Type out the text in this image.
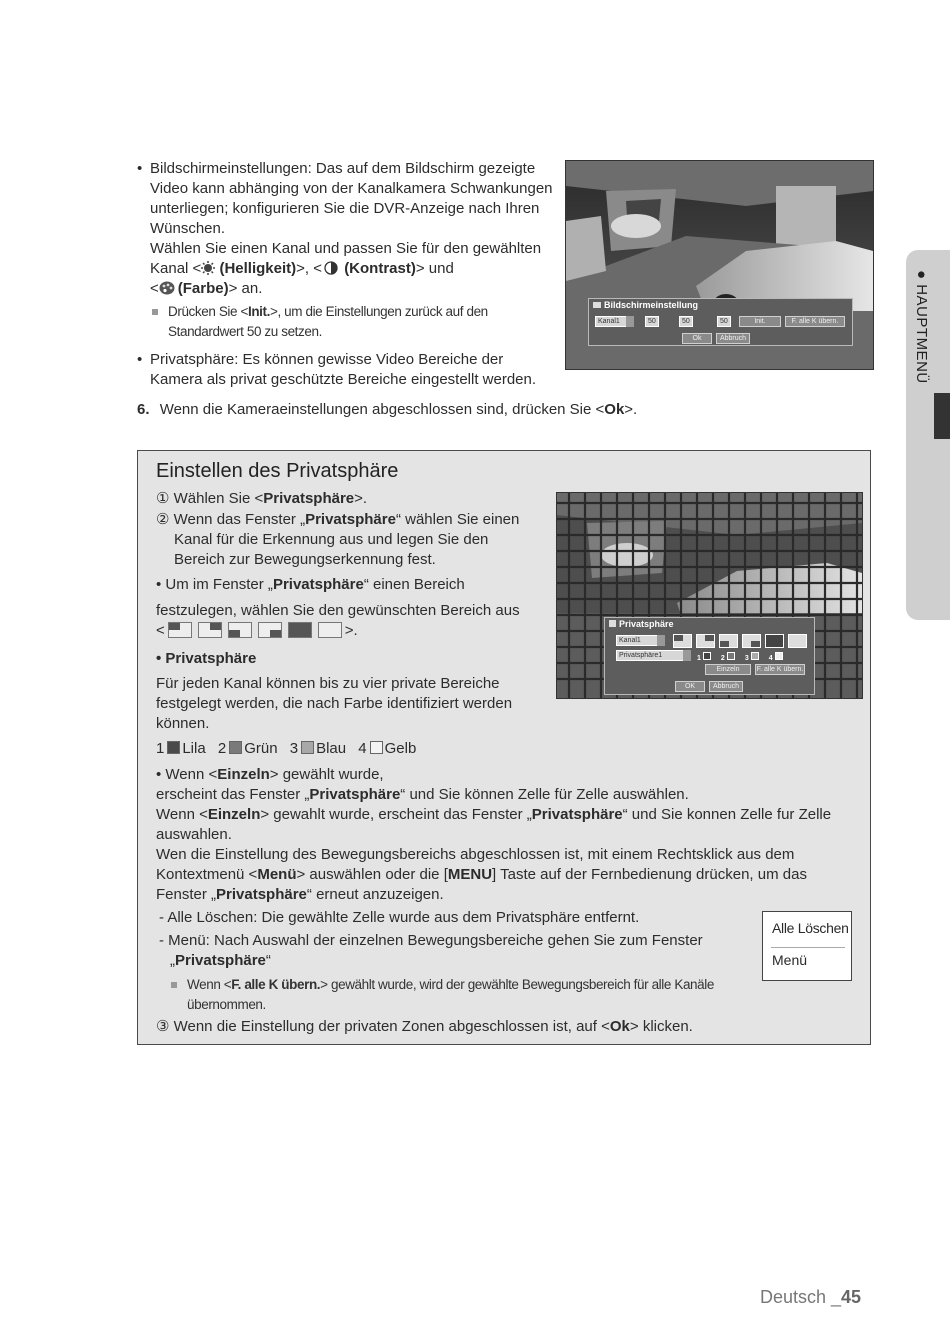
• Bildschirmeinstellungen: Das auf dem Bildschirm gezeigte
Video kann abhänging von der Kanalkamera Schwankungen
unterliegen; konfigurieren Sie die DVR-Anzeige nach Ihren
Wünschen.
Wählen Sie einen Kanal und passen Sie für den gewählten
Kanal < (Helligkeit)>, < (Kontrast)> und
< (Farbe)> an.
Drücken Sie <Init.>, um die Einstellungen zurück auf den
Standardwert 50 zu setzen.
• Privatsphäre: Es können gewisse Video Bereiche der
Kamera als privat geschützte Bereiche eingestellt werden.
6. Wenn die Kameraeinstellungen abgeschlossen sind, drücken Sie <Ok>.
Bildschirmeinstellung
Kanal1	50	50	50	Init.	F. alle K übern.
Ok	Abbruch	● HAUPTMENÜ
Einstellen des Privatsphäre
① Wählen Sie <Privatsphäre>.
② Wenn das Fenster „Privatsphäre“ wählen Sie einen
Kanal für die Erkennung aus und legen Sie den
Bereich zur Bewegungserkennung fest.
• Um im Fenster „Privatsphäre“ einen Bereich
festzulegen, wählen Sie den gewünschten Bereich aus
<	>.
• Privatsphäre
Für jeden Kanal können bis zu vier private Bereiche
festgelegt werden, die nach Farbe identifiziert werden
können.
1 Lila 2 Grün 3 Blau 4 Gelb
• Wenn <Einzeln> gewählt wurde,
erscheint das Fenster „Privatsphäre“ und Sie können Zelle für Zelle auswählen.
Wenn <Einzeln> gewahlt wurde, erscheint das Fenster „Privatsphäre“ und Sie konnen Zelle fur Zelle
auswahlen.
Wen die Einstellung des Bewegungsbereichs abgeschlossen ist, mit einem Rechtsklick aus dem
Kontextmenü <Menü> auswählen oder die [MENU] Taste auf der Fernbedienung drücken, um das
Fenster „Privatsphäre“ erneut anzuzeigen.
- Alle Löschen: Die gewählte Zelle wurde aus dem Privatsphäre entfernt.
- Menü: Nach Auswahl der einzelnen Bewegungsbereiche gehen Sie zum Fenster
„Privatsphäre“
Wenn <F. alle K übern.> gewählt wurde, wird der gewählte Bewegungsbereich für alle Kanäle
übernommen.
③ Wenn die Einstellung der privaten Zonen abgeschlossen ist, auf <Ok> klicken.
Alle Löschen
Menü
Privatsphäre
Kanal1
Privatsphäre1	1	2	3	4
Einzeln	F. alle K übern.
OK	Abbruch
Deutsch _45
